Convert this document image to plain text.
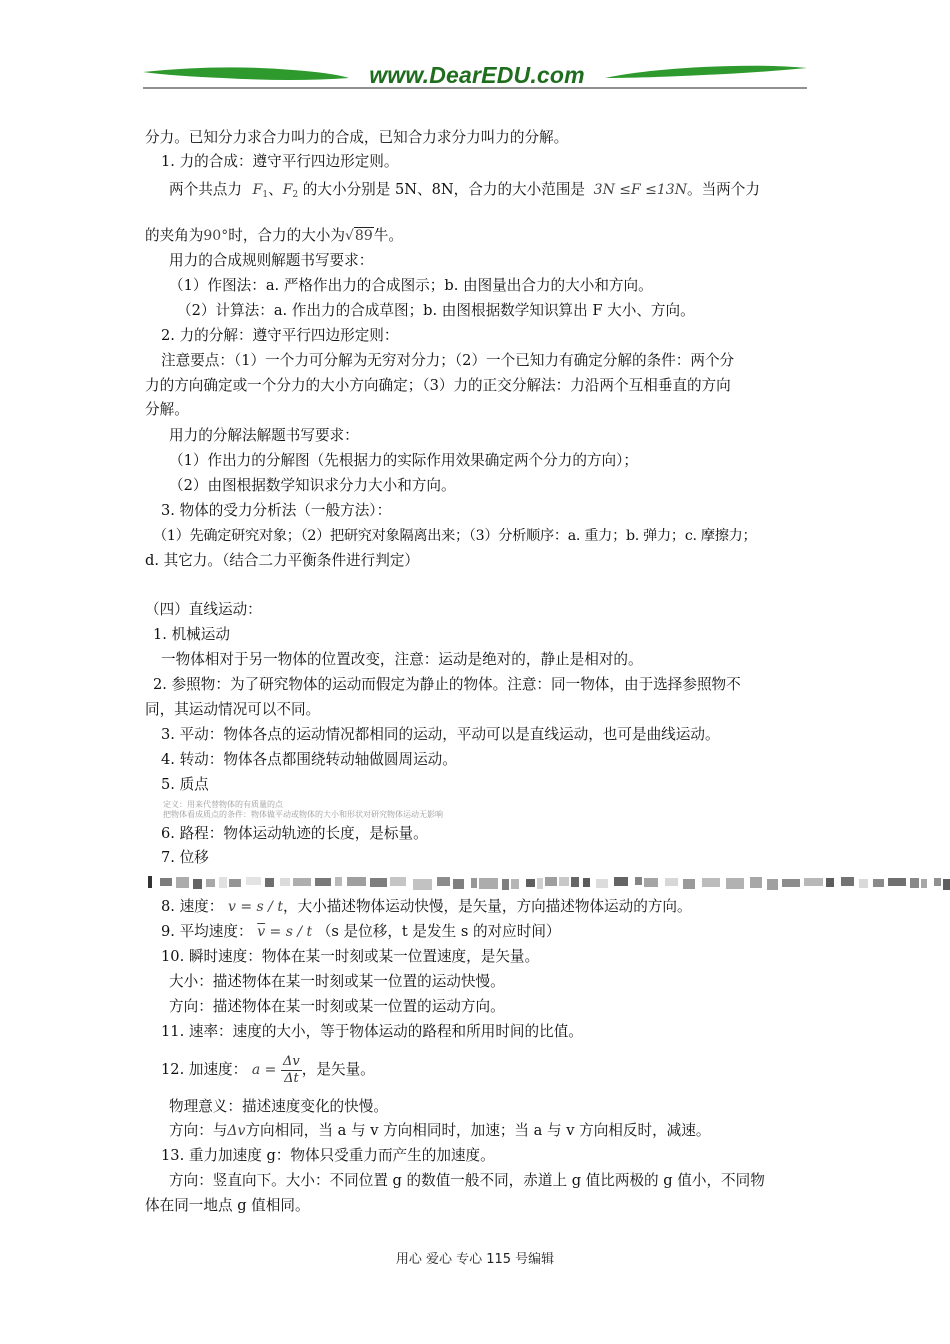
www.DearEDU.com
分力。已知分力求合力叫力的合成，已知合力求分力叫力的分解。
1. 力的合成：遵守平行四边形定则。
两个共点力 $F_1$、$F_2$ 的大小分别是 5N、8N，合力的大小范围是 3N ≤F ≤13N。当两个力
的夹角为90°时，合力的大小为√89牛。
用力的合成规则解题书写要求：
（1）作图法：a. 严格作出力的合成图示；b. 由图量出合力的大小和方向。
（2）计算法：a. 作出力的合成草图；b. 由图根据数学知识算出 F 大小、方向。
2. 力的分解：遵守平行四边形定则：
注意要点：（1）一个力可分解为无穷对分力；（2）一个已知力有确定分解的条件：两个分
力的方向确定或一个分力的大小方向确定；（3）力的正交分解法：力沿两个互相垂直的方向
分解。
用力的分解法解题书写要求：
（1）作出力的分解图（先根据力的实际作用效果确定两个分力的方向）；
（2）由图根据数学知识求分力大小和方向。
3. 物体的受力分析法（一般方法）：
（1）先确定研究对象；（2）把研究对象隔离出来；（3）分析顺序：a. 重力；b. 弹力；c. 摩擦力；
d. 其它力。（结合二力平衡条件进行判定）
（四）直线运动：
1. 机械运动
一物体相对于另一物体的位置改变，注意：运动是绝对的，静止是相对的。
2. 参照物：为了研究物体的运动而假定为静止的物体。注意：同一物体，由于选择参照物不
同，其运动情况可以不同。
3. 平动：物体各点的运动情况都相同的运动，平动可以是直线运动，也可是曲线运动。
4. 转动：物体各点都围绕转动轴做圆周运动。
5. 质点
定义：用来代替物体的有质量的点
把物体看成质点的条件：物体做平动或物体的大小和形状对研究物体运动无影响
6. 路程：物体运动轨迹的长度，是标量。
7. 位移
8. 速度： v = s / t，大小描述物体运动快慢，是矢量，方向描述物体运动的方向。
9. 平均速度： $\overline{v} = s / t$ （s 是位移，t 是发生 s 的对应时间）
10. 瞬时速度：物体在某一时刻或某一位置速度，是矢量。
大小：描述物体在某一时刻或某一位置的运动快慢。
方向：描述物体在某一时刻或某一位置的运动方向。
11. 速率：速度的大小，等于物体运动的路程和所用时间的比值。
12. 加速度： $a = \frac{\Delta v}{\Delta t}$ ，是矢量。
物理意义：描述速度变化的快慢。
方向：与Δv方向相同，当 a 与 v 方向相同时，加速；当 a 与 v 方向相反时，减速。
13. 重力加速度 g：物体只受重力而产生的加速度。
方向：竖直向下。大小：不同位置 g 的数值一般不同，赤道上 g 值比两极的 g 值小，不同物
体在同一地点 g 值相同。
用心 爱心 专心 115 号编辑
